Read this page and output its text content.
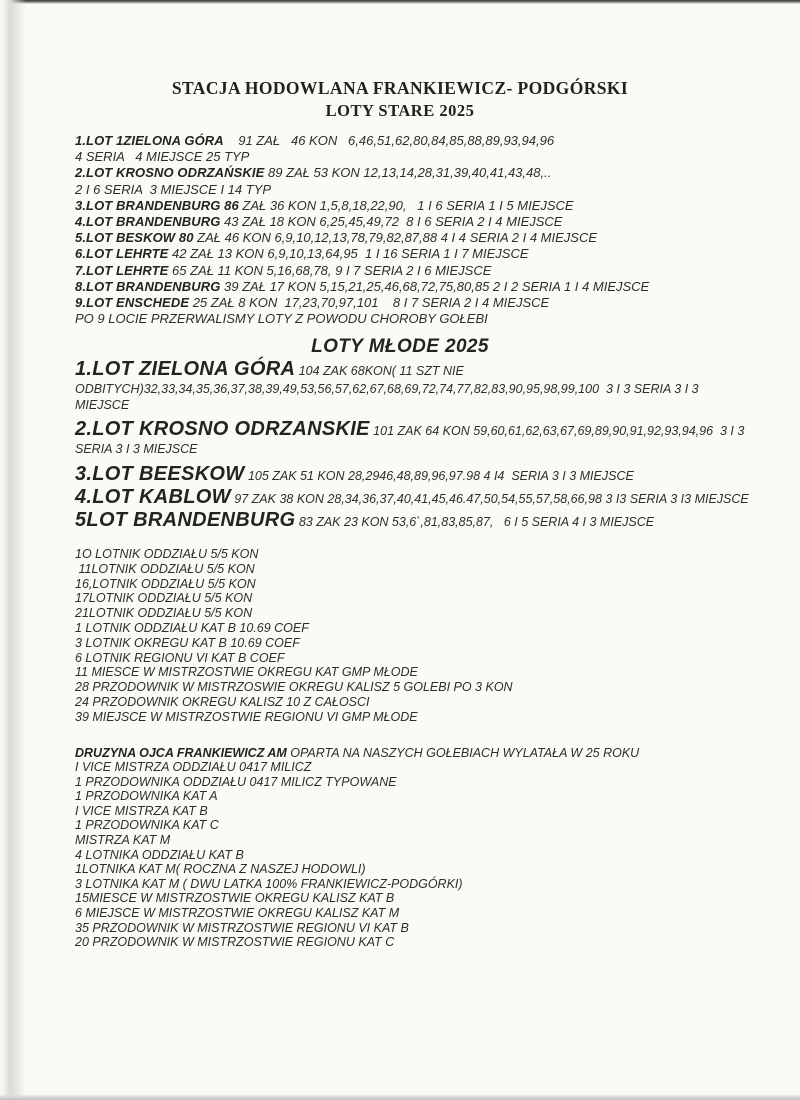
STACJA HODOWLANA FRANKIEWICZ- PODGÓRSKI
LOTY STARE 2025

1.LOT 1ZIELONA GÓRA    91 ZAŁ   46 KON   6,46,51,62,80,84,85,88,89,93,94,96

4 SERIA   4 MIEJSCE 25 TYP

2.LOT KROSNO ODRZAŃSKIE 89 ZAŁ 53 KON 12,13,14,28,31,39,40,41,43,48,..

2 I 6 SERIA  3 MIEJSCE I 14 TYP

3.LOT BRANDENBURG 86 ZAŁ 36 KON 1,5,8,18,22,90,   1 I 6 SERIA 1 I 5 MIEJSCE

4.LOT BRANDENBURG 43 ZAŁ 18 KON 6,25,45,49,72  8 I 6 SERIA 2 I 4 MIEJSCE

5.LOT BESKOW 80 ZAŁ 46 KON 6,9,10,12,13,78,79,82,87,88 4 I 4 SERIA 2 I 4 MIEJSCE

6.LOT LEHRTE 42 ZAŁ 13 KON 6,9,10,13,64,95  1 I 16 SERIA 1 I 7 MIEJSCE

7.LOT LEHRTE 65 ZAŁ 11 KON 5,16,68,78, 9 I 7 SERIA 2 I 6 MIEJSCE

8.LOT BRANDENBURG 39 ZAŁ 17 KON 5,15,21,25,46,68,72,75,80,85 2 I 2 SERIA 1 I 4 MIEJSCE

9.LOT ENSCHEDE 25 ZAŁ 8 KON  17,23,70,97,101    8 I 7 SERIA 2 I 4 MIEJSCE

PO 9 LOCIE PRZERWALISMY LOTY Z POWODU CHOROBY GOŁEBI

LOTY MŁODE 2025

1.LOT ZIELONA GÓRA 104 ZAK 68KON( 11 SZT NIE

ODBITYCH)32,33,34,35,36,37,38,39,49,53,56,57,62,67,68,69,72,74,77,82,83,90,95,98,99,100  3 I 3 SERIA 3 I 3

MIEJSCE

2.LOT KROSNO ODRZANSKIE 101 ZAK 64 KON 59,60,61,62,63,67,69,89,90,91,92,93,94,96  3 I 3

SERIA 3 I 3 MIEJSCE

3.LOT BEESKOW 105 ZAK 51 KON 28,2946,48,89,96,97.98 4 I4  SERIA 3 I 3 MIEJSCE

4.LOT KABLOW 97 ZAK 38 KON 28,34,36,37,40,41,45,46.47,50,54,55,57,58,66,98 3 I3 SERIA 3 I3 MIEJSCE

5LOT BRANDENBURG 83 ZAK 23 KON 53,6`,81,83,85,87,   6 I 5 SERIA 4 I 3 MIEJSCE

1O LOTNIK ODDZIAŁU 5/5 KON

11LOTNIK ODDZIAŁU 5/5 KON

16,LOTNIK ODDZIAŁU 5/5 KON

17LOTNIK ODDZIAŁU 5/5 KON

21LOTNIK ODDZIAŁU 5/5 KON

1 LOTNIK ODDZIAŁU KAT B 10.69 COEF

3 LOTNIK OKREGU KAT B 10.69 COEF

6 LOTNIK REGIONU VI KAT B COEF

11 MIESCE W MISTRZOSTWIE OKREGU KAT GMP MŁODE

28 PRZODOWNIK W MISTRZOSWIE OKREGU KALISZ 5 GOLEBI PO 3 KON

24 PRZODOWNIK OKREGU KALISZ 10 Z CAŁOSCI

39 MIEJSCE W MISTRZOSTWIE REGIONU VI GMP MŁODE

DRUZYNA OJCA FRANKIEWICZ AM OPARTA NA NASZYCH GOŁEBIACH WYLATAŁA W 25 ROKU

I VICE MISTRZA ODDZIAŁU 0417 MILICZ

1 PRZODOWNIKA ODDZIAŁU 0417 MILICZ TYPOWANE

1 PRZODOWNIKA KAT A

I VICE MISTRZA KAT B

1 PRZODOWNIKA KAT C

MISTRZA KAT M

4 LOTNIKA ODDZIAŁU KAT B

1LOTNIKA KAT M( ROCZNA Z NASZEJ HODOWLI)

3 LOTNIKA KAT M ( DWU LATKA 100% FRANKIEWICZ-PODGÓRKI)

15MIESCE W MISTRZOSTWIE OKREGU KALISZ KAT B

6 MIEJSCE W MISTRZOSTWIE OKREGU KALISZ KAT M

35 PRZODOWNIK W MISTRZOSTWIE REGIONU VI KAT B

20 PRZODOWNIK W MISTRZOSTWIE REGIONU KAT C
